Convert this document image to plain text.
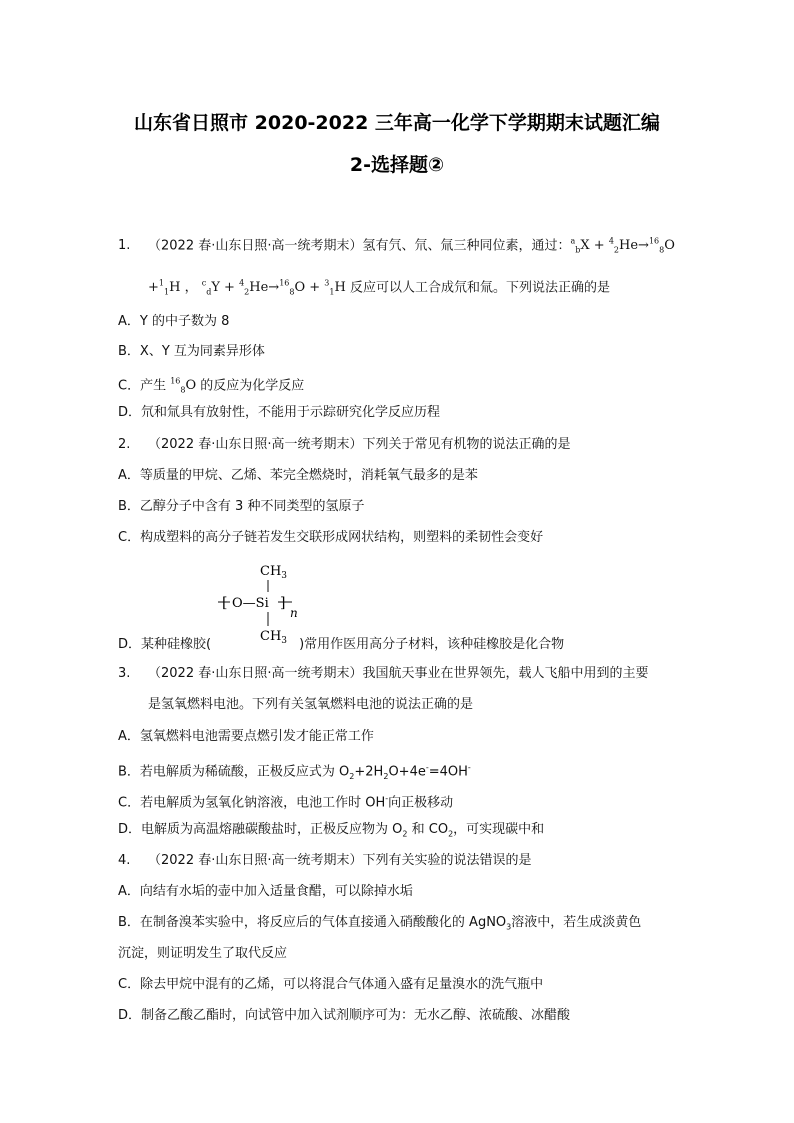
山东省日照市 2020-2022 三年高一化学下学期期末试题汇编
2-选择题②
1. （2022 春·山东日照·高一统考期末）氢有氕、氘、氚三种同位素，通过：$^a_b$X + $^4_2$He→$^{16}_8$O
+$^1_1$H ， $^c_d$Y + $^4_2$He→$^{16}_8$O + $^3_1$H 反应可以人工合成氘和氚。下列说法正确的是
A．Y 的中子数为 8
B．X、Y 互为同素异形体
C．产生 $^{16}_8$O 的反应为化学反应
D．氘和氚具有放射性，不能用于示踪研究化学反应历程
2. （2022 春·山东日照·高一统考期末）下列关于常见有机物的说法正确的是
A．等质量的甲烷、乙烯、苯完全燃烧时，消耗氧气最多的是苯
B．乙醇分子中含有 3 种不同类型的氢原子
C．构成塑料的高分子链若发生交联形成网状结构，则塑料的柔韧性会变好
$CH_3$
[ O—Si ]
n
$CH_3$
D．某种硅橡胶(	)常用作医用高分子材料，该种硅橡胶是化合物
3. （2022 春·山东日照·高一统考期末）我国航天事业在世界领先，载人飞船中用到的主要
是氢氧燃料电池。下列有关氢氧燃料电池的说法正确的是
A．氢氧燃料电池需要点燃引发才能正常工作
B．若电解质为稀硫酸，正极反应式为 $O_2+2H_2O+4e^-=4OH^-$
C．若电解质为氢氧化钠溶液，电池工作时 OH-向正极移动
D．电解质为高温熔融碳酸盐时，正极反应物为 $O_2$ 和 $CO_2$，可实现碳中和
4. （2022 春·山东日照·高一统考期末）下列有关实验的说法错误的是
A．向结有水垢的壶中加入适量食醋，可以除掉水垢
B．在制备溴苯实验中，将反应后的气体直接通入硝酸酸化的 AgNO$_3$溶液中，若生成淡黄色
沉淀，则证明发生了取代反应
C．除去甲烷中混有的乙烯，可以将混合气体通入盛有足量溴水的洗气瓶中
D．制备乙酸乙酯时，向试管中加入试剂顺序可为：无水乙醇、浓硫酸、冰醋酸
